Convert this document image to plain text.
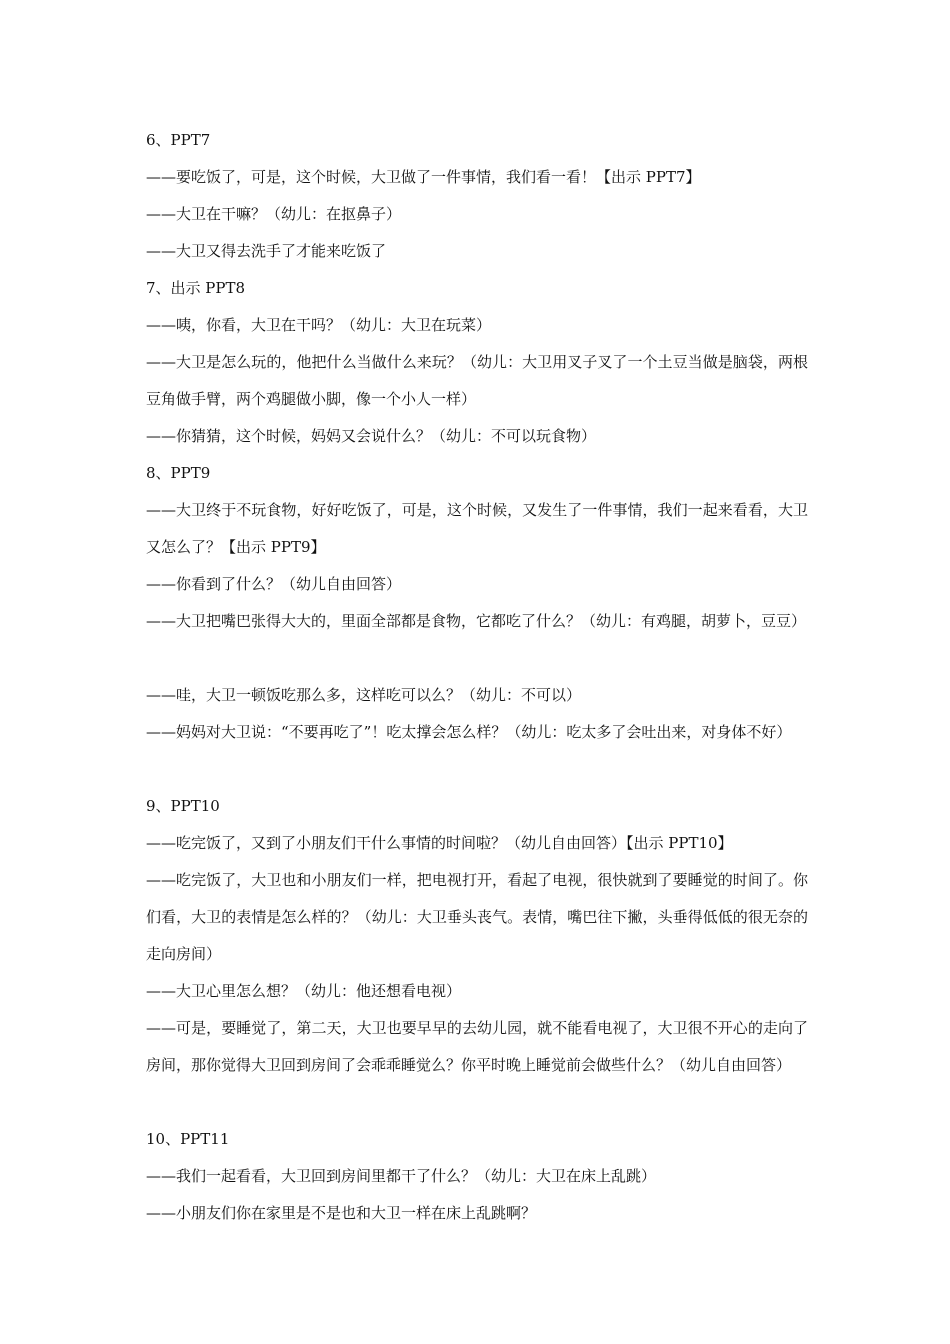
6、PPT7
——要吃饭了，可是，这个时候，大卫做了一件事情，我们看一看！【出示 PPT7】
——大卫在干嘛？（幼儿：在抠鼻子）
——大卫又得去洗手了才能来吃饭了
7、出示 PPT8
——咦，你看，大卫在干吗？（幼儿：大卫在玩菜）
——大卫是怎么玩的，他把什么当做什么来玩？（幼儿：大卫用叉子叉了一个土豆当做是脑袋，两根豆角做手臂，两个鸡腿做小脚，像一个小人一样）
——你猜猜，这个时候，妈妈又会说什么？（幼儿：不可以玩食物）
8、PPT9
——大卫终于不玩食物，好好吃饭了，可是，这个时候，又发生了一件事情，我们一起来看看，大卫又怎么了？【出示 PPT9】
——你看到了什么？（幼儿自由回答）
——大卫把嘴巴张得大大的，里面全部都是食物，它都吃了什么？（幼儿：有鸡腿，胡萝卜，豆豆）
——哇，大卫一顿饭吃那么多，这样吃可以么？（幼儿：不可以）
——妈妈对大卫说：“不要再吃了”！吃太撑会怎么样？（幼儿：吃太多了会吐出来，对身体不好）
9、PPT10
——吃完饭了，又到了小朋友们干什么事情的时间啦？（幼儿自由回答）【出示 PPT10】
——吃完饭了，大卫也和小朋友们一样，把电视打开，看起了电视，很快就到了要睡觉的时间了。你们看，大卫的表情是怎么样的？（幼儿：大卫垂头丧气。表情，嘴巴往下撇，头垂得低低的很无奈的走向房间）
——大卫心里怎么想？（幼儿：他还想看电视）
——可是，要睡觉了，第二天，大卫也要早早的去幼儿园，就不能看电视了，大卫很不开心的走向了房间，那你觉得大卫回到房间了会乖乖睡觉么？你平时晚上睡觉前会做些什么？（幼儿自由回答）
10、PPT11
——我们一起看看，大卫回到房间里都干了什么？（幼儿：大卫在床上乱跳）
——小朋友们你在家里是不是也和大卫一样在床上乱跳啊？
